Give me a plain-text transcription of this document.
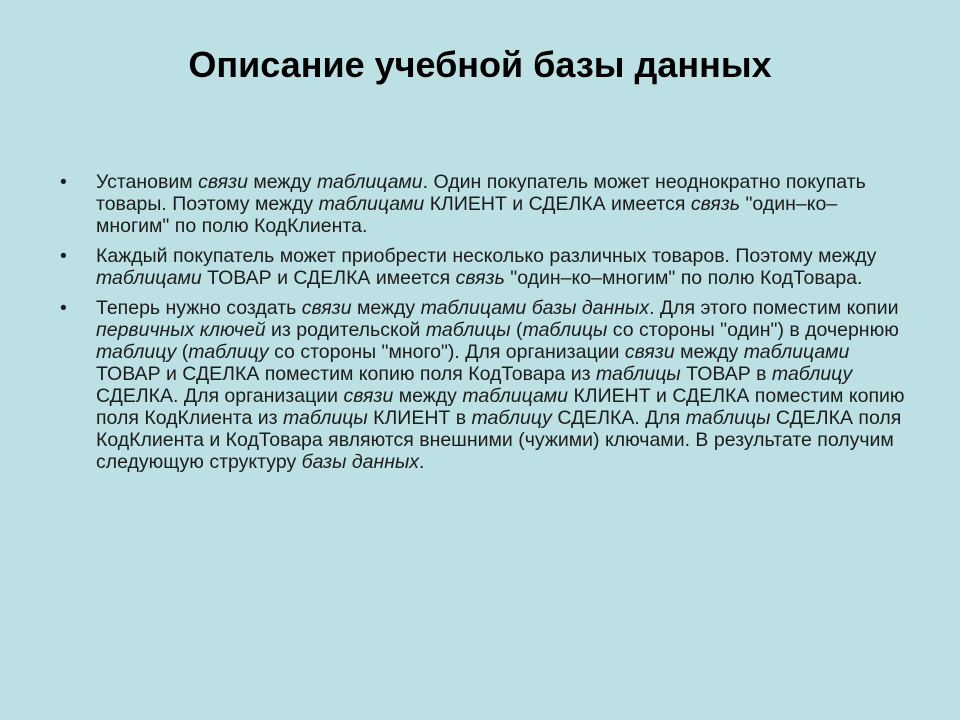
Описание учебной базы данных
•	Установим связи между таблицами. Один покупатель может неоднократно покупать товары. Поэтому между таблицами КЛИЕНТ и СДЕЛКА имеется связь "один–ко–многим" по полю КодКлиента.
•	Каждый покупатель может приобрести несколько различных товаров. Поэтому между таблицами ТОВАР и СДЕЛКА имеется связь "один–ко–многим" по полю КодТовара.
•	Теперь нужно создать связи между таблицами базы данных. Для этого поместим копии первичных ключей из родительской таблицы (таблицы со стороны "один") в дочернюю таблицу (таблицу со стороны "много"). Для организации связи между таблицами ТОВАР и СДЕЛКА поместим копию поля КодТовара из таблицы ТОВАР в таблицу СДЕЛКА. Для организации связи между таблицами КЛИЕНТ и СДЕЛКА поместим копию поля КодКлиента из таблицы КЛИЕНТ в таблицу СДЕЛКА. Для таблицы СДЕЛКА поля КодКлиента и КодТовара являются внешними (чужими) ключами. В результате получим следующую структуру базы данных.
